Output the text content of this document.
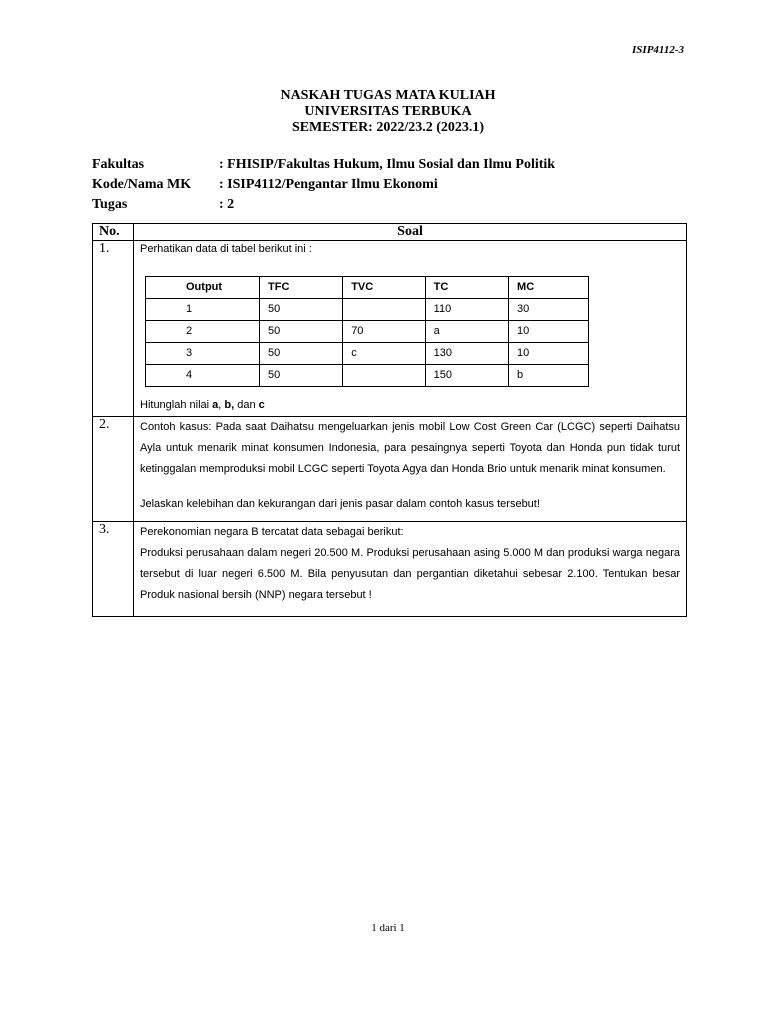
ISIP4112-3
NASKAH TUGAS MATA KULIAH
UNIVERSITAS TERBUKA
SEMESTER: 2022/23.2 (2023.1)
Fakultas	: FHISIP/Fakultas Hukum, Ilmu Sosial dan Ilmu Politik
Kode/Nama MK	: ISIP4112/Pengantar Ilmu Ekonomi
Tugas	: 2
No.	Soal
1.	Perhatikan data di tabel berikut ini :
Output	TFC	TVC	TC	MC
1	50		110	30
2	50	70	a	10
3	50	c	130	10
4	50		150	b
Hitunglah nilai a, b, dan c

2.	Contoh kasus: Pada saat Daihatsu mengeluarkan jenis mobil Low Cost Green Car (LCGC) seperti Daihatsu Ayla untuk menarik minat konsumen Indonesia, para pesaingnya seperti Toyota dan Honda pun tidak turut ketinggalan memproduksi mobil LCGC seperti Toyota Agya dan Honda Brio untuk menarik minat konsumen.
Jelaskan kelebihan dan kekurangan dari jenis pasar dalam contoh kasus tersebut!

3.	Perekonomian negara B tercatat data sebagai berikut:
Produksi perusahaan dalam negeri 20.500 M. Produksi perusahaan asing 5.000 M dan produksi warga negara tersebut di luar negeri 6.500 M. Bila penyusutan dan pergantian diketahui sebesar 2.100. Tentukan besar Produk nasional bersih (NNP) negara tersebut !
1 dari 1
